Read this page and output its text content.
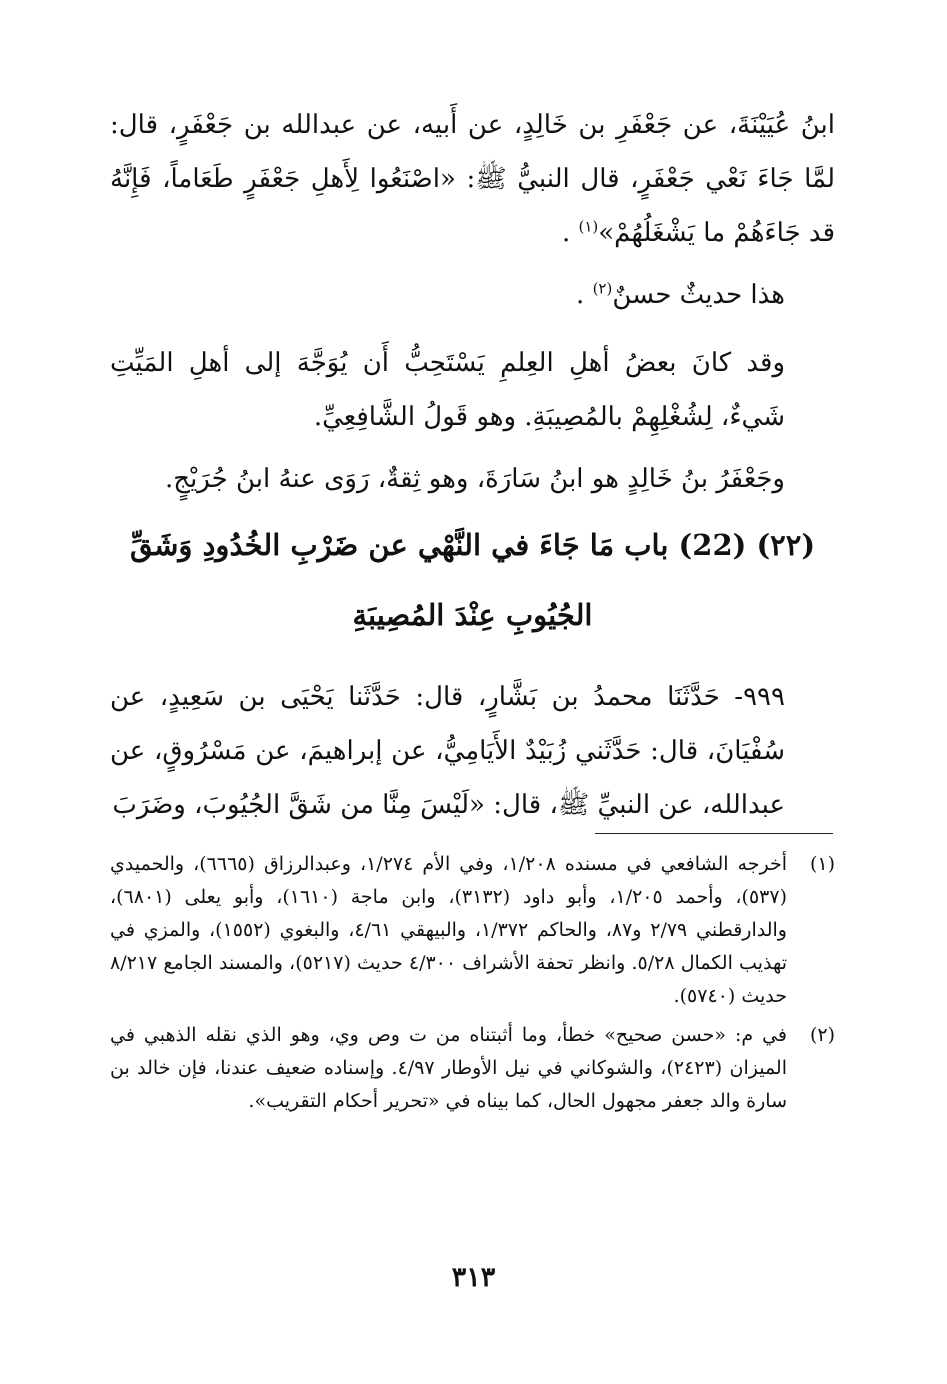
ابنُ عُيَيْنَةَ، عن جَعْفَرِ بن خَالِدٍ، عن أَبيه، عن عبدالله بن جَعْفَرٍ، قال: لمَّا جَاءَ نَعْي جَعْفَرٍ، قال النبيُّ ﷺ: «اصْنَعُوا لِأَهلِ جَعْفَرٍ طَعَاماً، فَإِنَّهُ قد جَاءَهُمْ ما يَشْغَلُهُمْ»$^{(١)}$ .

هذا حديثٌ حسنٌ$^{(٢)}$ .

وقد كانَ بعضُ أهلِ العِلمِ يَسْتَحِبُّ أَن يُوَجَّهَ إلى أهلِ المَيِّتِ شَيءٌ، لِشُغْلِهِمْ بالمُصِيبَةِ. وهو قَولُ الشَّافِعِيِّ.

وجَعْفَرُ بنُ خَالِدٍ هو ابنُ سَارَةَ، وهو ثِقةٌ، رَوَى عنهُ ابنُ جُرَيْجٍ.

(٢٢) (22) باب مَا جَاءَ في النَّهْي عن ضَرْبِ الخُدُودِ وَشَقِّ الجُيُوبِ عِنْدَ المُصِيبَةِ

٩٩٩- حَدَّثَنَا محمدُ بن بَشَّارٍ، قال: حَدَّثَنا يَحْيَى بن سَعِيدٍ، عن سُفْيَانَ، قال: حَدَّثَني زُبَيْدٌ الأَيَامِيُّ، عن إبراهيمَ، عن مَسْرُوقٍ، عن عبدالله، عن النبيِّ ﷺ، قال: «لَيْسَ مِنَّا من شَقَّ الجُيُوبَ، وضَرَبَ

(١)
أخرجه الشافعي في مسنده ١/٢٠٨، وفي الأم ١/٢٧٤، وعبدالرزاق (٦٦٦٥)، والحميدي (٥٣٧)، وأحمد ١/٢٠٥، وأبو داود (٣١٣٢)، وابن ماجة (١٦١٠)، وأبو يعلى (٦٨٠١)، والدارقطني ٢/٧٩ و٨٧، والحاكم ١/٣٧٢، والبيهقي ٤/٦١، والبغوي (١٥٥٢)، والمزي في تهذيب الكمال ٥/٢٨. وانظر تحفة الأشراف ٤/٣٠٠ حديث (٥٢١٧)، والمسند الجامع ٨/٢١٧ حديث (٥٧٤٠).
(٢)
في م: «حسن صحيح» خطأ، وما أثبتناه من ت وص وي، وهو الذي نقله الذهبي في الميزان (٢٤٢٣)، والشوكاني في نيل الأوطار ٤/٩٧. وإسناده ضعيف عندنا، فإن خالد بن سارة والد جعفر مجهول الحال، كما بيناه في «تحرير أحكام التقريب».
٣١٣
